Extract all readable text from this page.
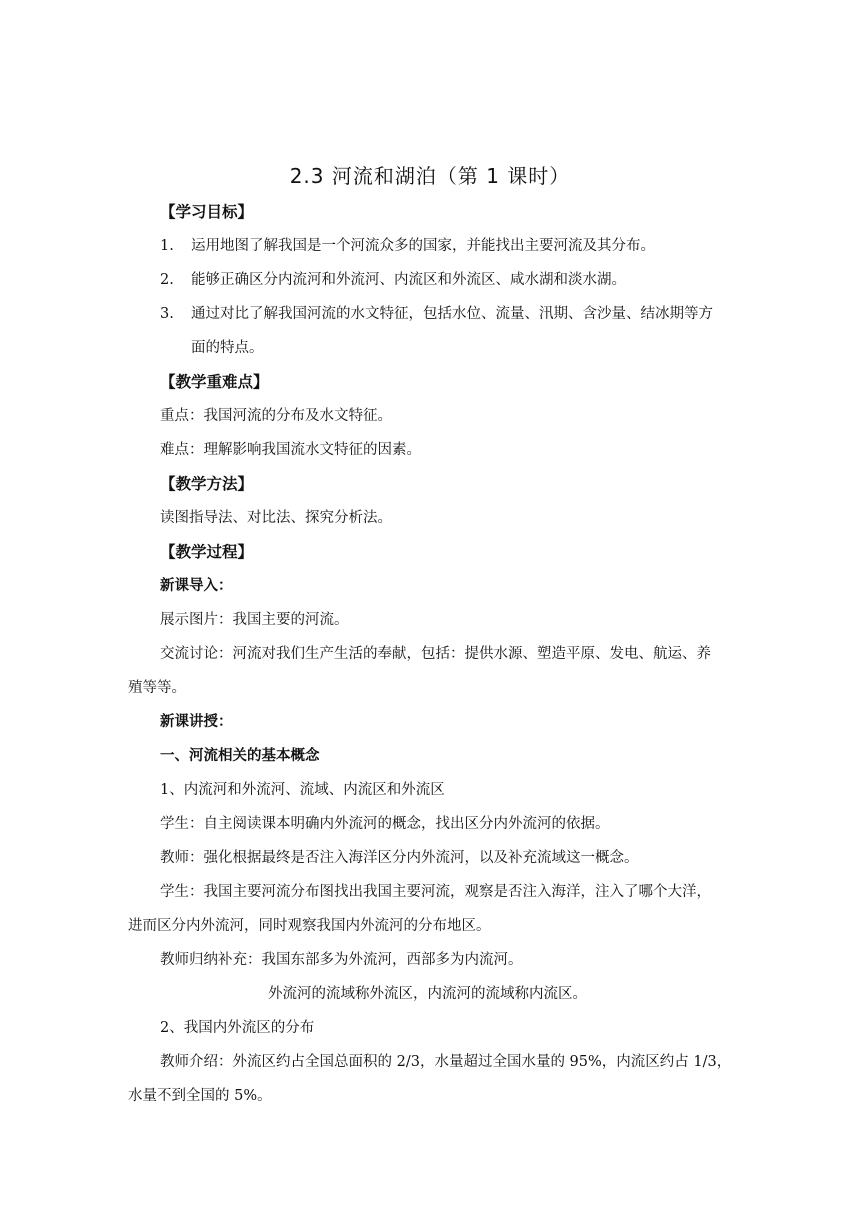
2.3 河流和湖泊（第 1 课时）
【学习目标】
1. 运用地图了解我国是一个河流众多的国家，并能找出主要河流及其分布。
2. 能够正确区分内流河和外流河、内流区和外流区、咸水湖和淡水湖。
3. 通过对比了解我国河流的水文特征，包括水位、流量、汛期、含沙量、结冰期等方
面的特点。
【教学重难点】
重点：我国河流的分布及水文特征。
难点：理解影响我国流水文特征的因素。
【教学方法】
读图指导法、对比法、探究分析法。
【教学过程】
新课导入：
展示图片：我国主要的河流。
交流讨论：河流对我们生产生活的奉献，包括：提供水源、塑造平原、发电、航运、养
殖等等。
新课讲授：
一、河流相关的基本概念
1、内流河和外流河、流域、内流区和外流区
学生：自主阅读课本明确内外流河的概念，找出区分内外流河的依据。
教师：强化根据最终是否注入海洋区分内外流河，以及补充流域这一概念。
学生：我国主要河流分布图找出我国主要河流，观察是否注入海洋，注入了哪个大洋，
进而区分内外流河，同时观察我国内外流河的分布地区。
教师归纳补充：我国东部多为外流河，西部多为内流河。
外流河的流域称外流区，内流河的流域称内流区。
2、我国内外流区的分布
教师介绍：外流区约占全国总面积的 2/3，水量超过全国水量的 95%，内流区约占 1/3，
水量不到全国的 5%。
